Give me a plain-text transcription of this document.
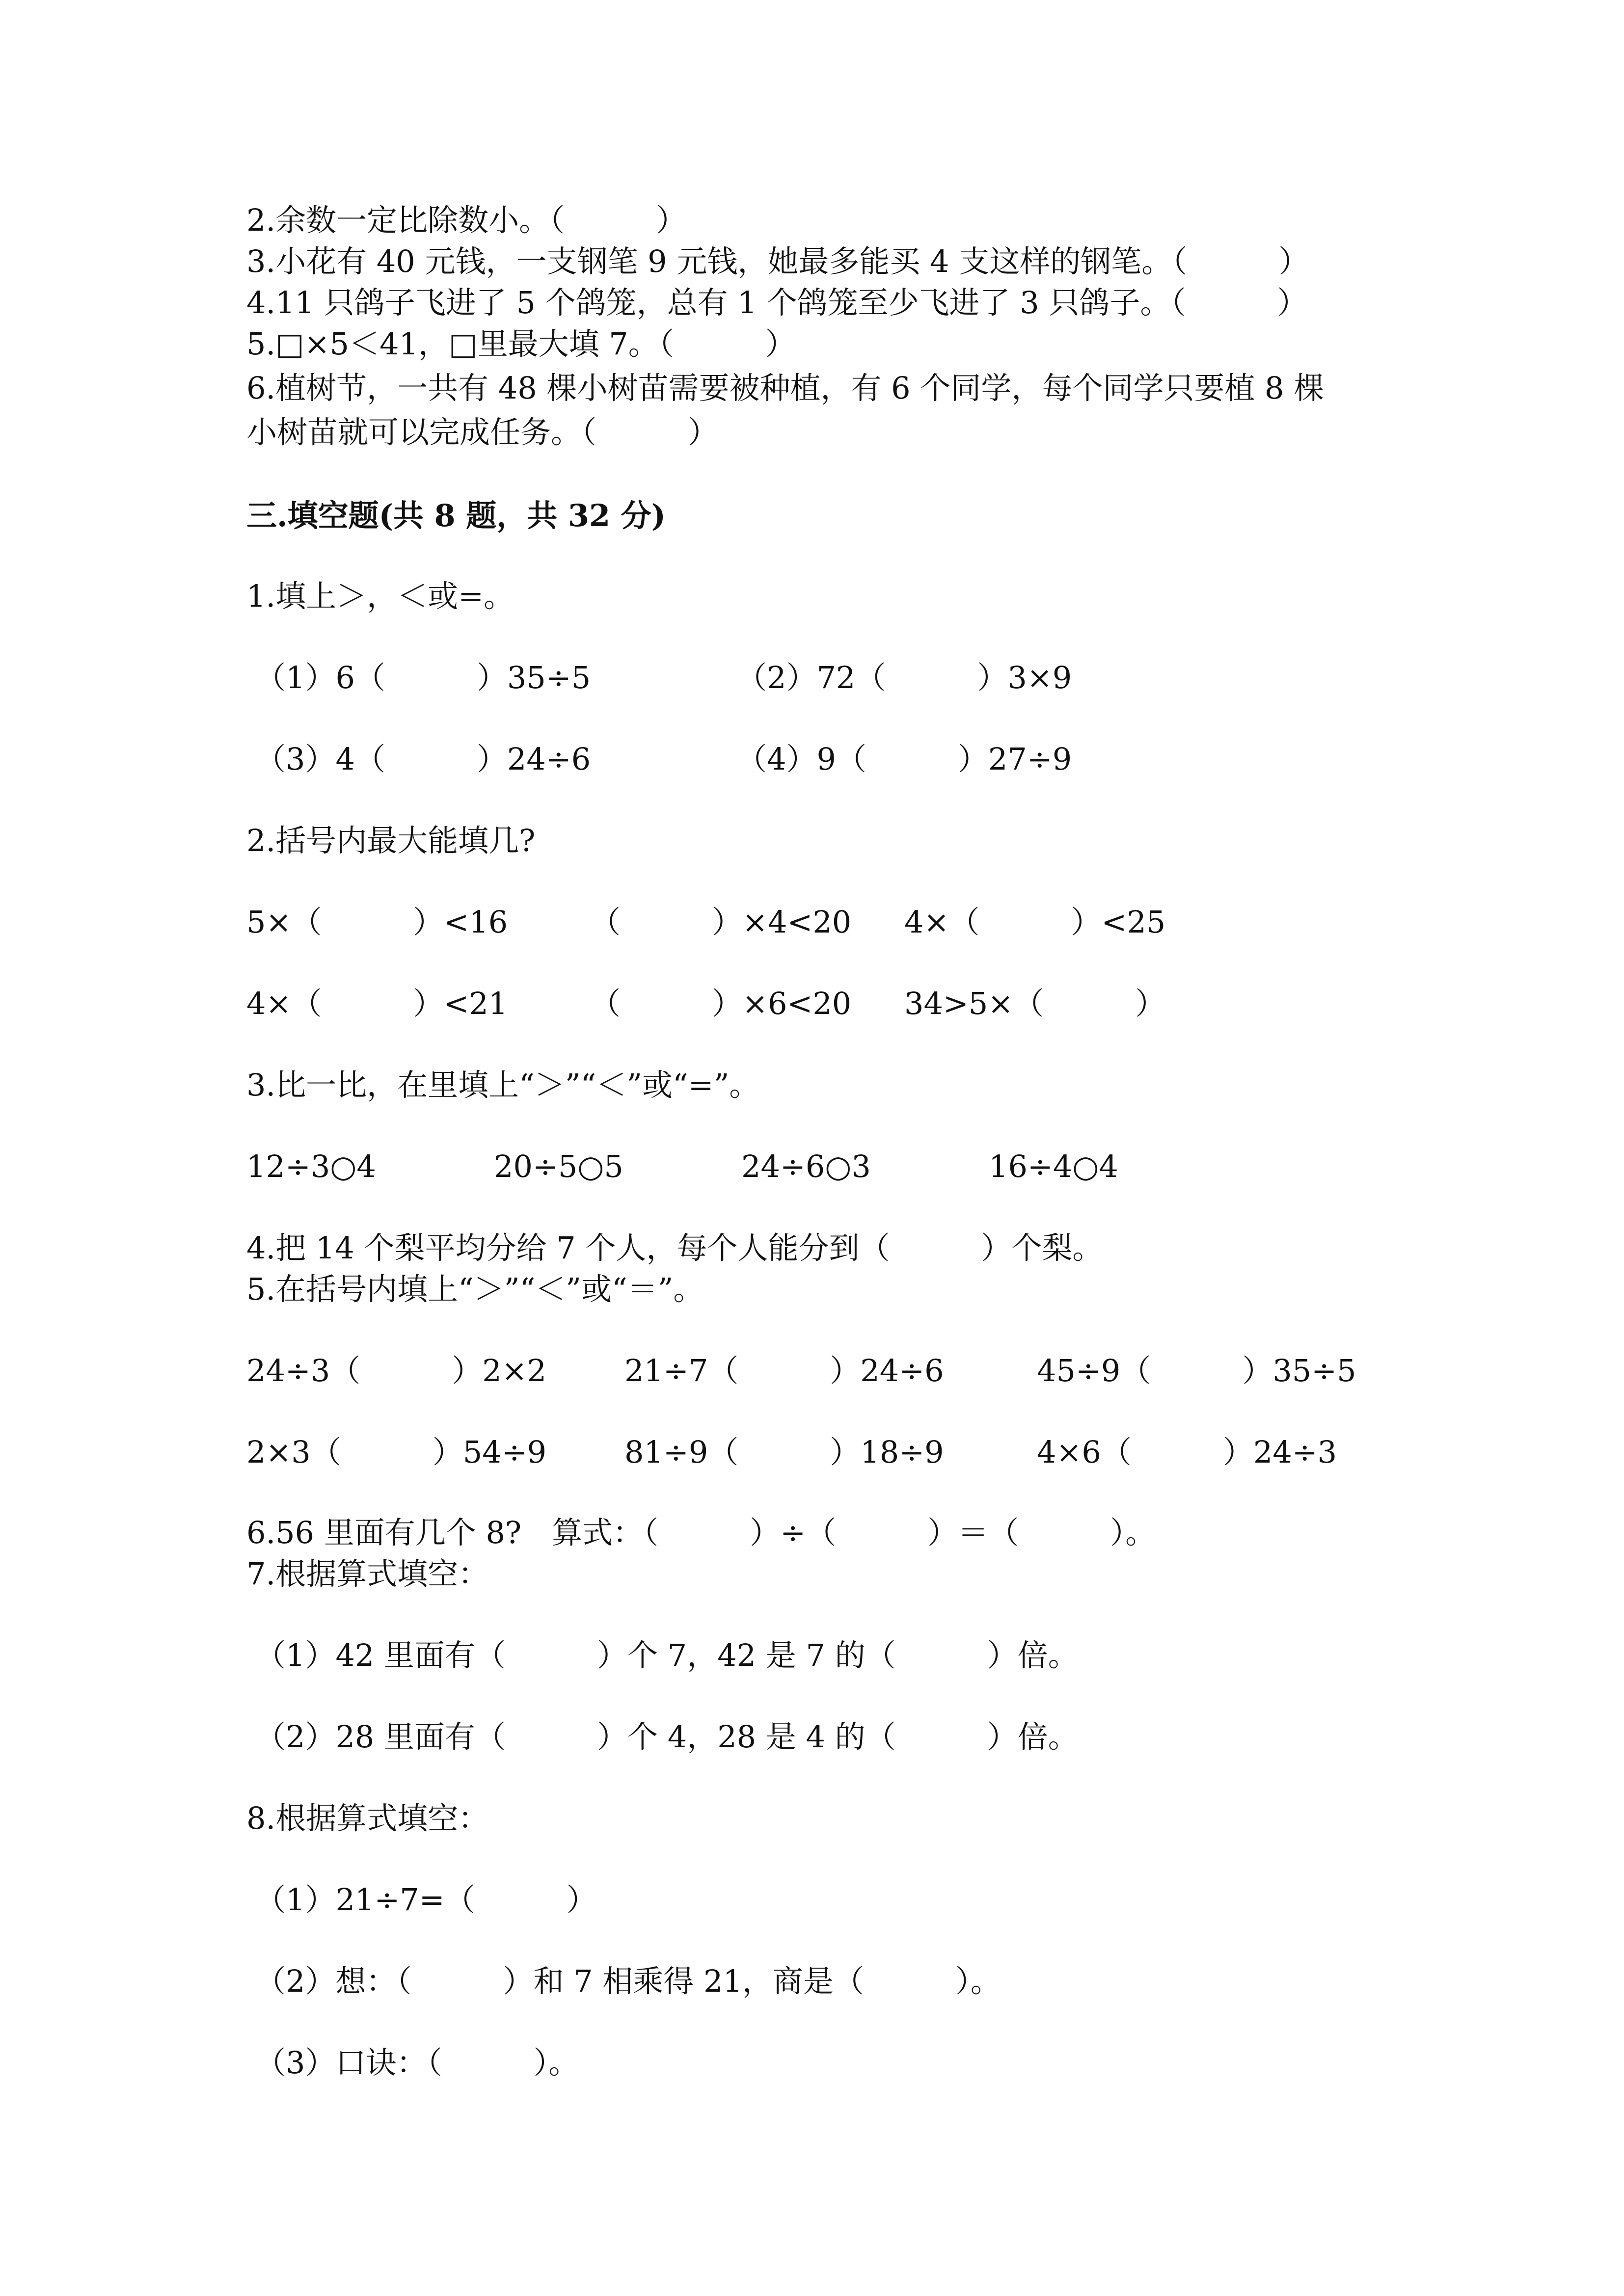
2.余数一定比除数小。（　　　）
3.小花有 40 元钱，一支钢笔 9 元钱，她最多能买 4 支这样的钢笔。（　　　）
4.11 只鸽子飞进了 5 个鸽笼，总有 1 个鸽笼至少飞进了 3 只鸽子。（　　　）
5.□×5＜41，□里最大填 7。（　　　）
6.植树节，一共有 48 棵小树苗需要被种植，有 6 个同学，每个同学只要植 8 棵
小树苗就可以完成任务。（　　　）
三.填空题(共 8 题，共 32 分)
1.填上＞，＜或=。
（1）6（　　　）35÷5	（2）72（　　　）3×9
（3）4（　　　）24÷6	（4）9（　　　）27÷9
2.括号内最大能填几?
5×（　　　）<16	（　　　）×4<20 4×（　　　）<25
4×（　　　）<21	（　　　）×6<20 34>5×（　　　）
3.比一比，在里填上“＞”“＜”或“=”。
12÷3○4	20÷5○5	24÷6○3	16÷4○4
4.把 14 个梨平均分给 7 个人，每个人能分到（　　　）个梨。
5.在括号内填上“＞”“＜”或“＝”。
24÷3（　　　）2×2	21÷7（　　　）24÷6	45÷9（　　　）35÷5
2×3（　　　）54÷9	81÷9（　　　）18÷9	4×6（　　　）24÷3
6.56 里面有几个 8?　算式：（　　　）÷（　　　）＝（　　　）。
7.根据算式填空：
（1）42 里面有（　　　）个 7，42 是 7 的（　　　）倍。
（2）28 里面有（　　　）个 4，28 是 4 的（　　　）倍。
8.根据算式填空：
（1）21÷7=（　　　）
（2）想：（　　　）和 7 相乘得 21，商是（　　　）。
（3）口诀：（　　　）。
